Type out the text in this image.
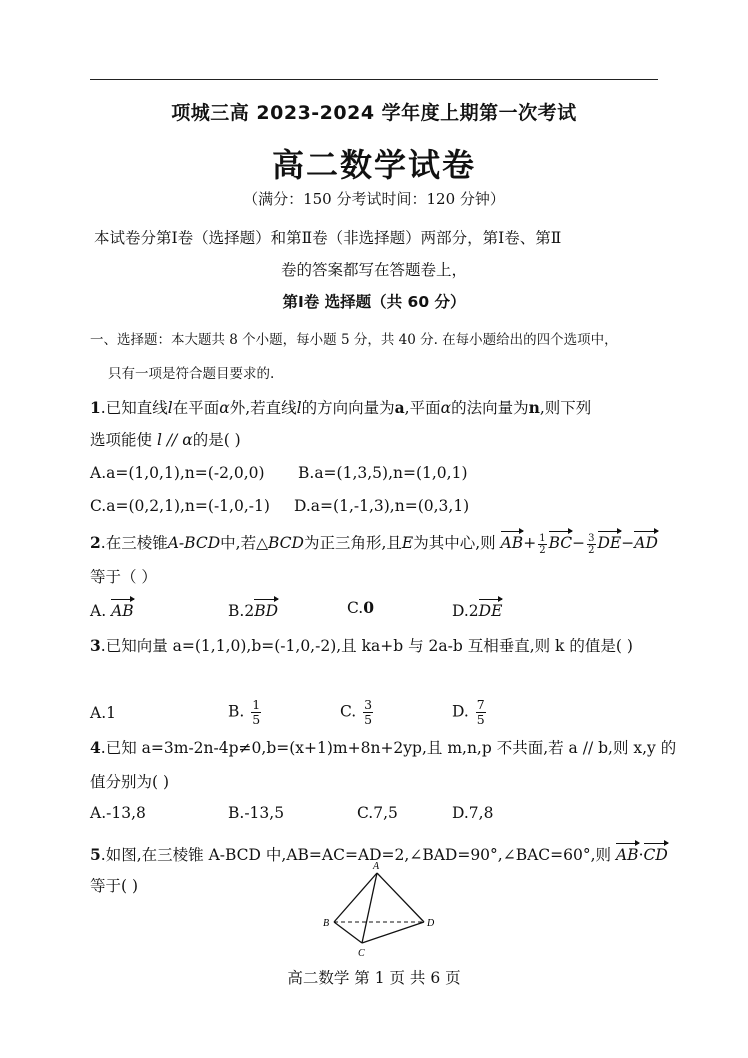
项城三高 2023-2024 学年度上期第一次考试
高二数学试卷
（满分：150 分考试时间：120 分钟）
本试卷分第Ⅰ卷（选择题）和第Ⅱ卷（非选择题）两部分，第Ⅰ卷、第Ⅱ
卷的答案都写在答题卷上，
第Ⅰ卷 选择题（共 60 分）
一、选择题：本大题共 8 个小题，每小题 5 分，共 40 分. 在每小题给出的四个选项中，
只有一项是符合题目要求的.
1.已知直线l在平面α外,若直线l的方向向量为a,平面α的法向量为n,则下列
选项能使 l // α的是( )
A.a=(1,0,1),n=(-2,0,0) B.a=(1,3,5),n=(1,0,1)
C.a=(0,2,1),n=(-1,0,-1) D.a=(1,-1,3),n=(0,3,1)
2.在三棱锥A-BCD中,若△BCD为正三角形,且E为其中心,则 $AB+ \frac{1}{2} BC- \frac{3}{2} DE-AD$
等于（ ）
A. AB	B.2BD	C.0	D.2DE
3.已知向量 a=(1,1,0),b=(-1,0,-2),且 ka+b 与 2a-b 互相垂直,则 k 的值是( )
A.1	B. $\frac{1}{5}$	C. $\frac{3}{5}$	D. $\frac{7}{5}$
4.已知 a=3m-2n-4p≠0,b=(x+1)m+8n+2yp,且 m,n,p 不共面,若 a // b,则 x,y 的
值分别为( )
A.-13,8	B.-13,5	C.7,5	D.7,8
5.如图,在三棱锥 A-BCD 中,AB=AC=AD=2,∠BAD=90°,∠BAC=60°,则 AB·CD
等于( )
A
B
C
D
高二数学 第 1 页 共 6 页
